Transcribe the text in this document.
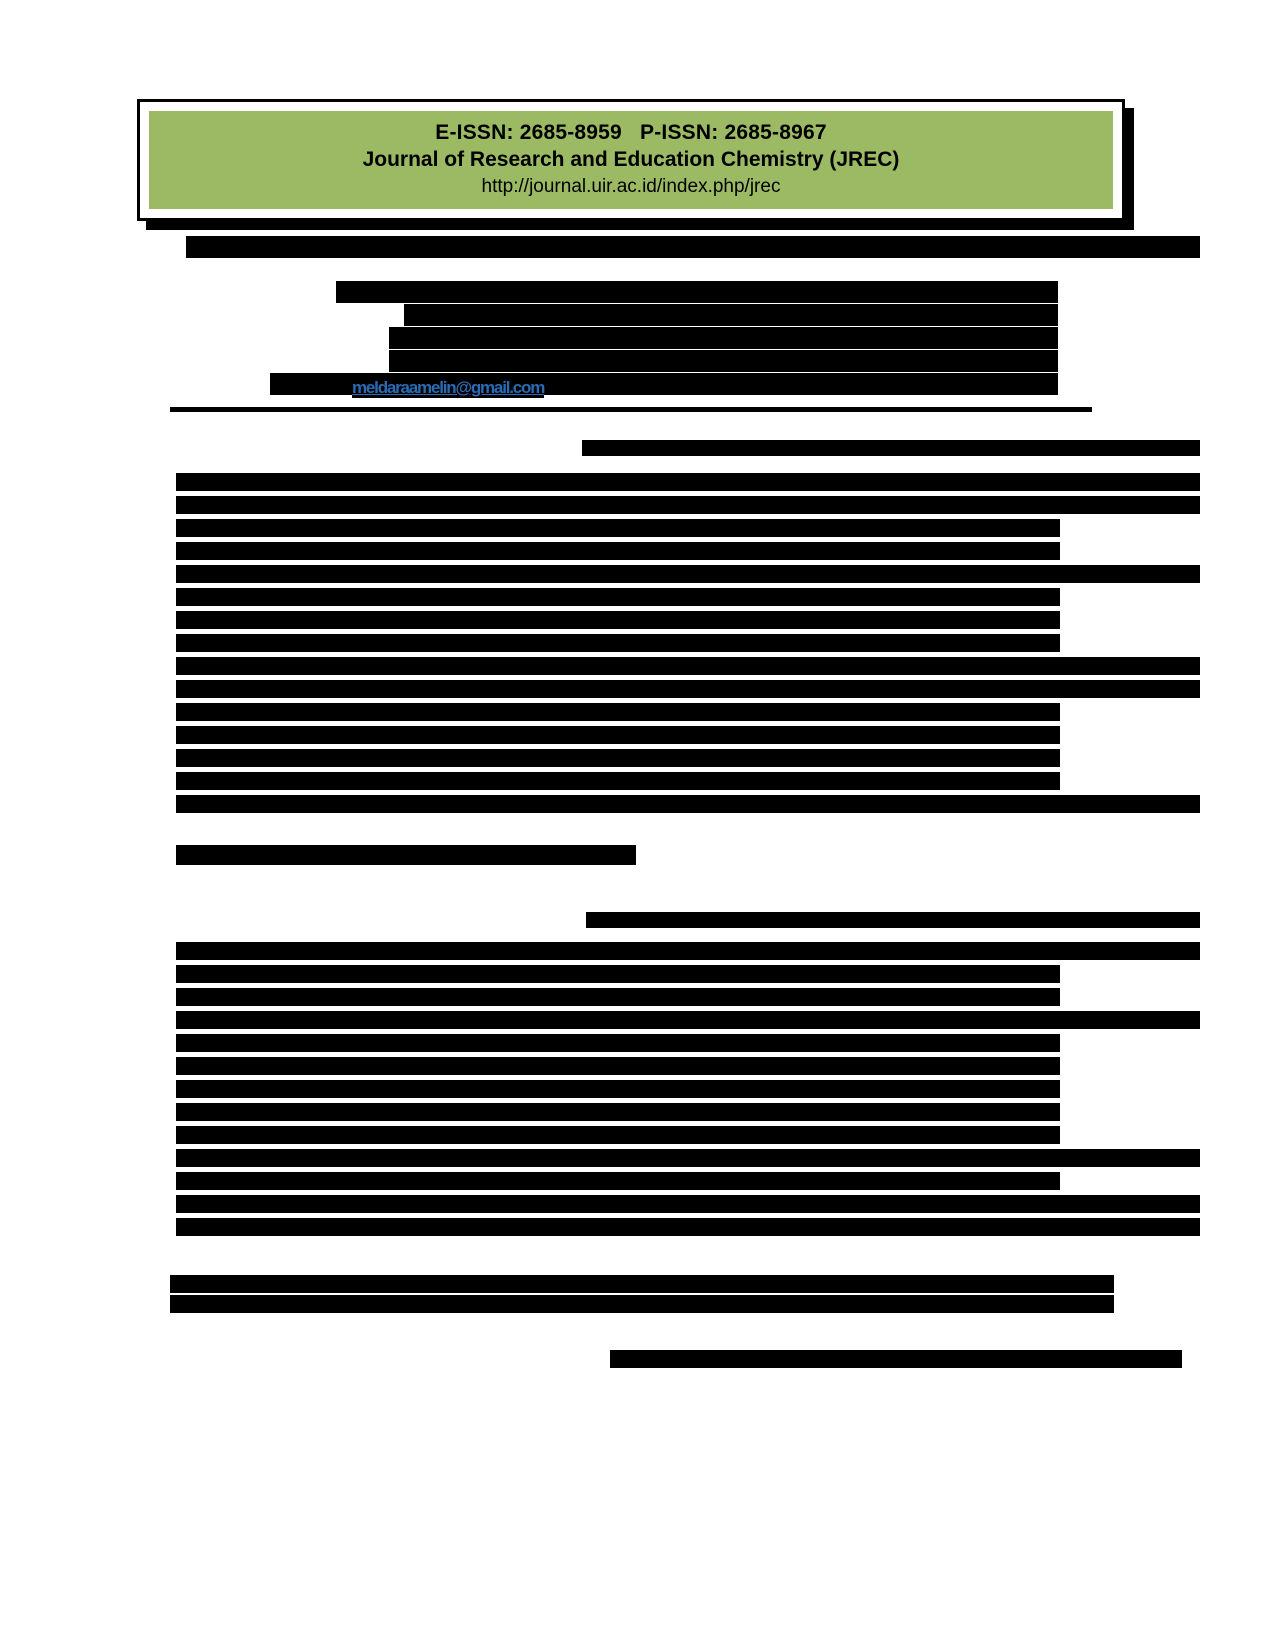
E-ISSN: 2685-8959   P-ISSN: 2685-8967
Journal of Research and Education Chemistry (JREC)
http://journal.uir.ac.id/index.php/jrec
meldaraamelin@gmail.com
